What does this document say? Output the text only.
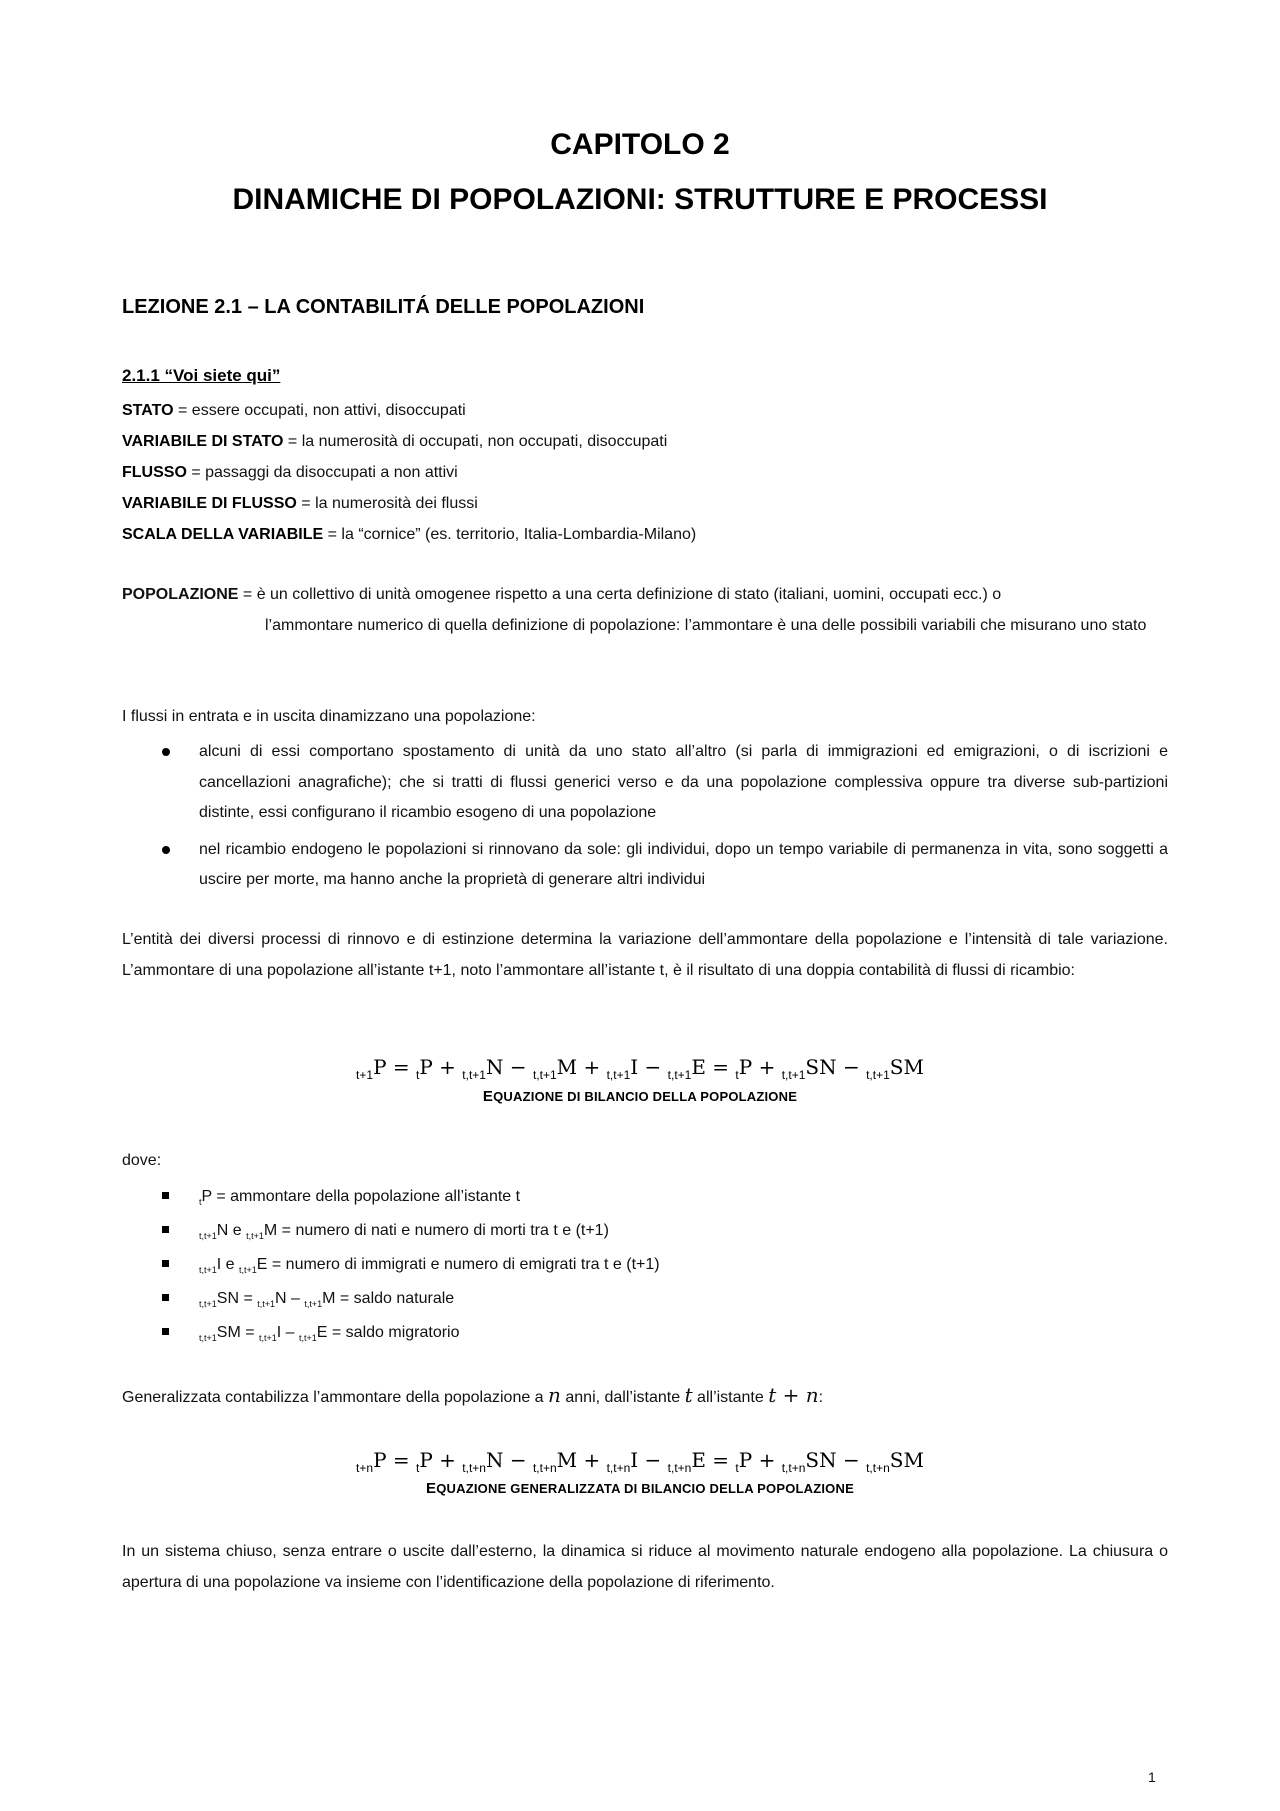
CAPITOLO 2
DINAMICHE DI POPOLAZIONI: STRUTTURE E PROCESSI
LEZIONE 2.1 – LA CONTABILITÁ DELLE POPOLAZIONI
2.1.1 “Voi siete qui”
STATO = essere occupati, non attivi, disoccupati
VARIABILE DI STATO = la numerosità di occupati, non occupati, disoccupati
FLUSSO = passaggi da disoccupati a non attivi
VARIABILE DI FLUSSO = la numerosità dei flussi
SCALA DELLA VARIABILE = la “cornice” (es. territorio, Italia-Lombardia-Milano)
POPOLAZIONE = è un collettivo di unità omogenee rispetto a una certa definizione di stato (italiani, uomini, occupati ecc.) o
l’ammontare numerico di quella definizione di popolazione: l’ammontare è una delle possibili variabili che misurano uno stato
I flussi in entrata e in uscita dinamizzano una popolazione:
alcuni di essi comportano spostamento di unità da uno stato all’altro (si parla di immigrazioni ed emigrazioni, o di iscrizioni e cancellazioni anagrafiche); che si tratti di flussi generici verso e da una popolazione complessiva oppure tra diverse sub-partizioni distinte, essi configurano il ricambio esogeno di una popolazione
nel ricambio endogeno le popolazioni si rinnovano da sole: gli individui, dopo un tempo variabile di permanenza in vita, sono soggetti a uscire per morte, ma hanno anche la proprietà di generare altri individui
L’entità dei diversi processi di rinnovo e di estinzione determina la variazione dell’ammontare della popolazione e l’intensità di tale variazione. L’ammontare di una popolazione all’istante t+1, noto l’ammontare all’istante t, è il risultato di una doppia contabilità di flussi di ricambio:
$_{t+1}$P = $_t$P + $_{t,t+1}$N − $_{t,t+1}$M + $_{t,t+1}$I − $_{t,t+1}$E = $_t$P + $_{t,t+1}$SN − $_{t,t+1}$SM
EQUAZIONE DI BILANCIO DELLA POPOLAZIONE
dove:
$_t$P = ammontare della popolazione all’istante t
$_{t,t+1}$N e $_{t,t+1}$M = numero di nati e numero di morti tra t e (t+1)
$_{t,t+1}$I e $_{t,t+1}$E = numero di immigrati e numero di emigrati tra t e (t+1)
$_{t,t+1}$SN = $_{t,t+1}$N – $_{t,t+1}$M = saldo naturale
$_{t,t+1}$SM = $_{t,t+1}$I – $_{t,t+1}$E = saldo migratorio
Generalizzata contabilizza l’ammontare della popolazione a n anni, dall’istante t all’istante t + n:
$_{t+n}$P = $_t$P + $_{t,t+n}$N − $_{t,t+n}$M + $_{t,t+n}$I − $_{t,t+n}$E = $_t$P + $_{t,t+n}$SN − $_{t,t+n}$SM
EQUAZIONE GENERALIZZATA DI BILANCIO DELLA POPOLAZIONE
In un sistema chiuso, senza entrare o uscite dall’esterno, la dinamica si riduce al movimento naturale endogeno alla popolazione. La chiusura o apertura di una popolazione va insieme con l’identificazione della popolazione di riferimento.
1
